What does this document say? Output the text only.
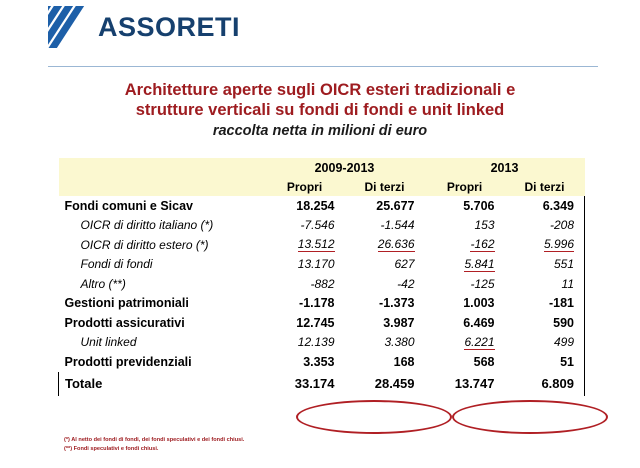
ASSORETI
Architetture aperte sugli OICR esteri tradizionali e
strutture verticali su fondi di fondi e unit linked
raccolta netta in milioni di euro
	2009-2013		2013	
	Propri	Di terzi	Propri	Di terzi
Fondi comuni e Sicav	18.254	25.677	5.706	6.349
OICR di diritto italiano (*)	-7.546	-1.544	153	-208
OICR di diritto estero (*)	13.512	26.636	-162	5.996
Fondi di fondi	13.170	627	5.841	551
Altro (**)	-882	-42	-125	11
Gestioni patrimoniali	-1.178	-1.373	1.003	-181
Prodotti assicurativi	12.745	3.987	6.469	590
Unit linked	12.139	3.380	6.221	499
Prodotti previdenziali	3.353	168	568	51
Totale	33.174	28.459	13.747	6.809
(*) Al netto dei fondi di fondi, dei fondi speculativi e dei fondi chiusi.
(**) Fondi speculativi e fondi chiusi.
